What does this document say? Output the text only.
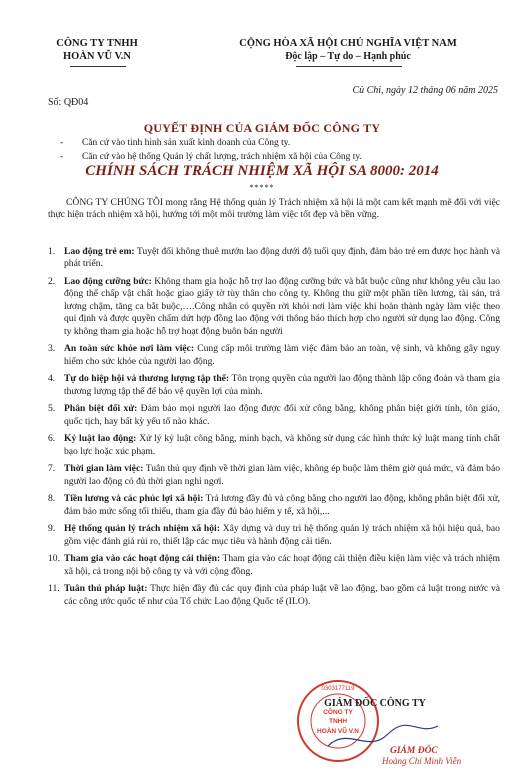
CÔNG TY TNHH
HOÀN VŨ V.N
CỘNG HÒA XÃ HỘI CHỦ NGHĨA VIỆT NAM
Độc lập – Tự do – Hạnh phúc
Củ Chi, ngày 12 tháng 06 năm 2025
Số: QĐ04
QUYẾT ĐỊNH CỦA GIÁM ĐỐC CÔNG TY
- Căn cứ vào tình hình sản xuất kinh doanh của Công ty.
- Căn cứ vào hệ thống Quản lý chất lượng, trách nhiệm xã hội của Công ty.
CHÍNH SÁCH TRÁCH NHIỆM XÃ HỘI SA 8000: 2014
*****
CÔNG TY CHÚNG TÔI mong rằng Hệ thống quản lý Trách nhiệm xã hội là một cam kết mạnh mẽ đối với việc thực hiện trách nhiệm xã hội, hướng tới một môi trường làm việc tốt đẹp và bền vững.
1. Lao động trẻ em: Tuyệt đối không thuê mướn lao động dưới độ tuổi quy định, đảm bảo trẻ em được học hành và phát triển.
2. Lao động cưỡng bức: Không tham gia hoặc hỗ trợ lao động cưỡng bức và bắt buộc cũng như không yêu cầu lao động thế chấp vật chất hoặc giao giấy tờ tùy thân cho công ty. Không thu giữ một phần tiền lương, tài sản, trả lương chậm, tăng ca bắt buộc,….Công nhân có quyền rời khỏi nơi làm việc khi hoàn thành ngày làm việc theo qui định và được quyền chấm dứt hợp đồng lao động với thông báo thích hợp cho người sử dụng lao động. Công ty không tham gia hoặc hỗ trợ hoạt động buôn bán người
3. An toàn sức khỏe nơi làm việc: Cung cấp môi trường làm việc đảm bảo an toàn, vệ sinh, và không gây nguy hiểm cho sức khỏe của người lao động.
4. Tự do hiệp hội và thương lượng tập thể: Tôn trọng quyền của người lao động thành lập công đoàn và tham gia thương lượng tập thể để bảo vệ quyền lợi của mình.
5. Phân biệt đối xử: Đảm bảo mọi người lao động được đối xử công bằng, không phân biệt giới tính, tôn giáo, quốc tịch, hay bất kỳ yếu tố nào khác.
6. Kỷ luật lao động: Xử lý kỷ luật công bằng, minh bạch, và không sử dụng các hình thức kỷ luật mang tính chất bạo lực hoặc xúc phạm.
7. Thời gian làm việc: Tuân thủ quy định về thời gian làm việc, không ép buộc làm thêm giờ quá mức, và đảm bảo người lao động có đủ thời gian nghỉ ngơi.
8. Tiền lương và các phúc lợi xã hội: Trả lương đầy đủ và công bằng cho người lao động, không phân biệt đối xử, đảm bảo mức sống tối thiểu, tham gia đầy đủ bảo hiểm y tế, xã hội,...
9. Hệ thống quản lý trách nhiệm xã hội: Xây dựng và duy trì hệ thống quản lý trách nhiệm xã hội hiệu quả, bao gồm việc đánh giá rủi ro, thiết lập các mục tiêu và hành động cải tiến.
10. Tham gia vào các hoạt động cải thiện: Tham gia vào các hoạt động cải thiện điều kiện làm việc và trách nhiệm xã hội, cả trong nội bộ công ty và với cộng đồng.
11. Tuân thủ pháp luật: Thực hiện đầy đủ các quy định của pháp luật về lao động, bao gồm cả luật trong nước và các công ước quốc tế như của Tổ chức Lao động Quốc tế (ILO).
0303177119
CÔNG TY
TNHH
HOÀN VŨ V.N
GIÁM ĐỐC CÔNG TY
GIÁM ĐỐC
Hoàng Chí Minh Viễn
